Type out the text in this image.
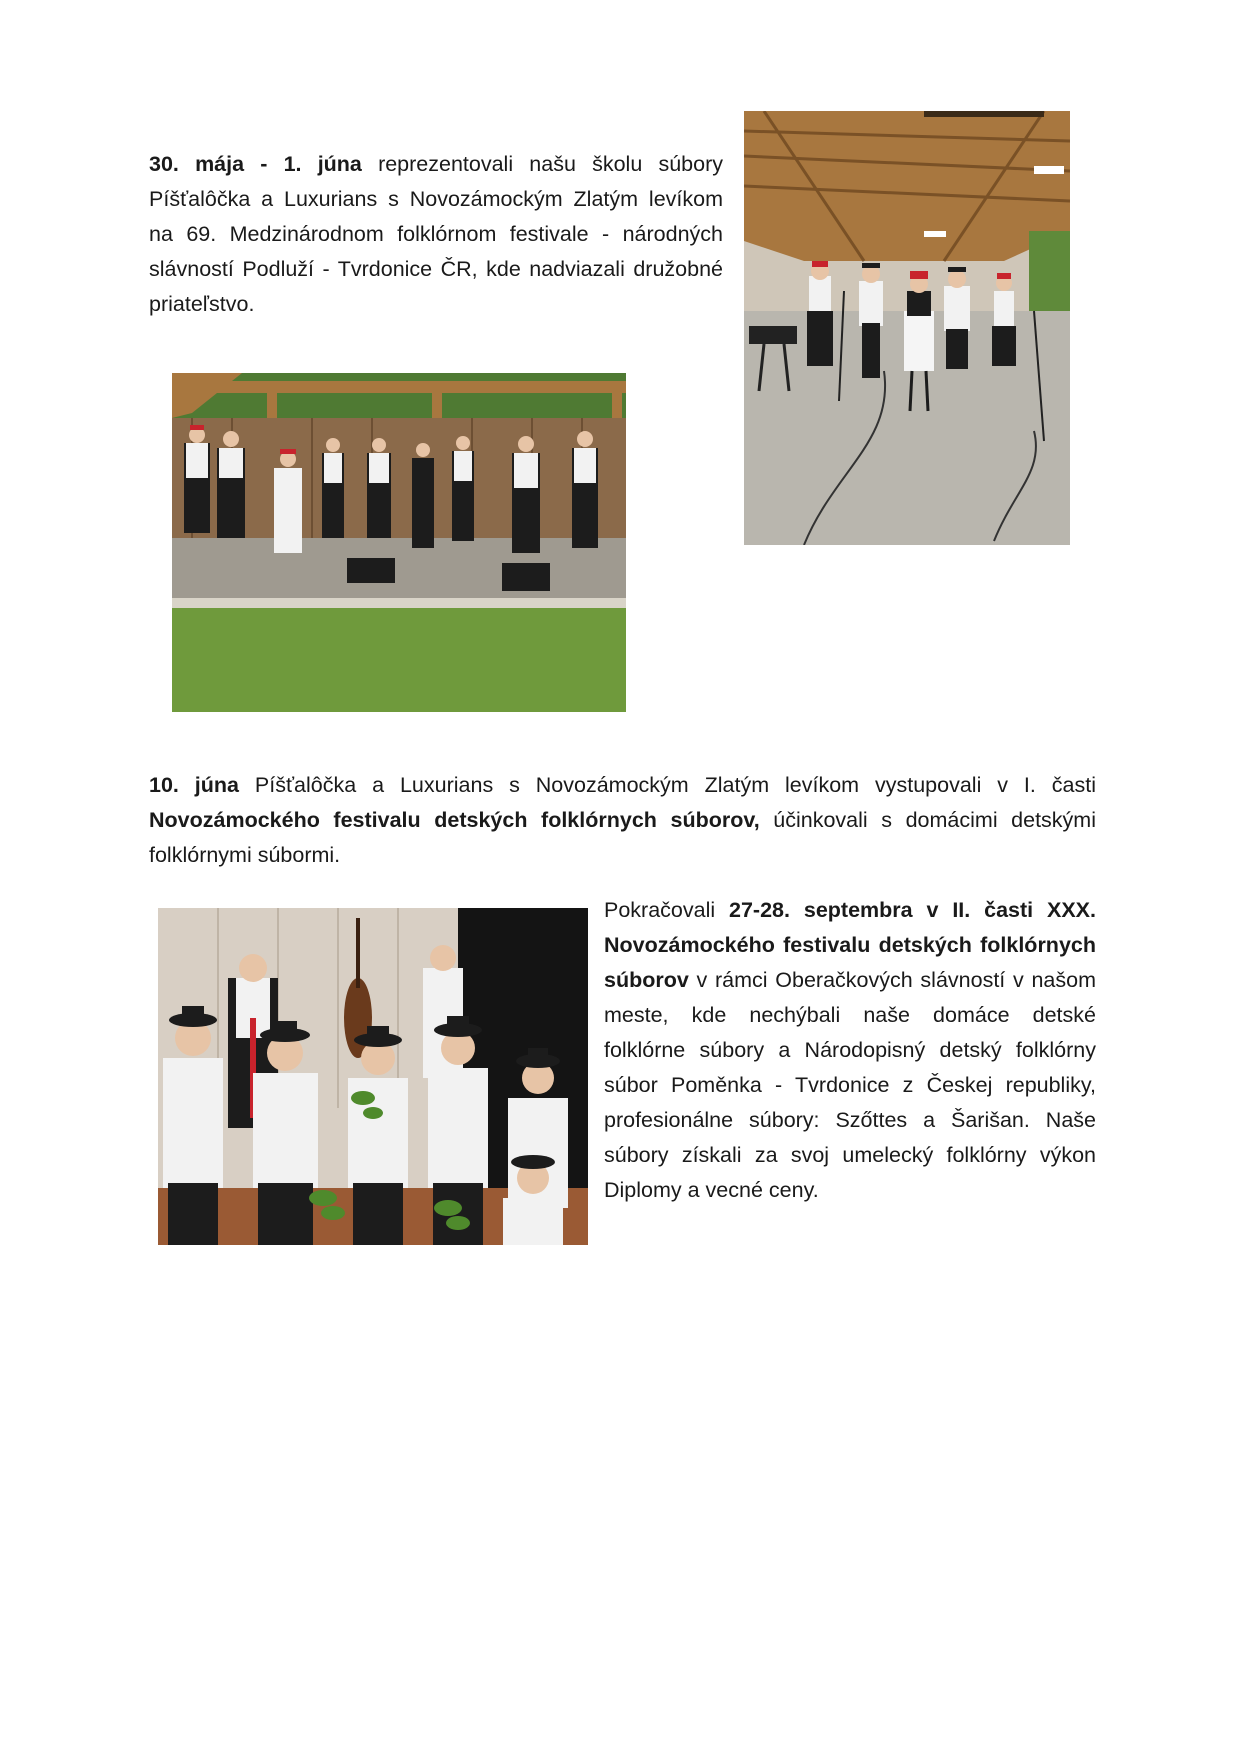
30. mája - 1. júna reprezentovali našu školu súbory Píšťalôčka a Luxurians s Novozámockým Zlatým levíkom na 69. Medzinárodnom folklórnom festivale - národných slávností Podluží - Tvrdonice ČR, kde nadviazali družobné priateľstvo.

10. júna Píšťalôčka a Luxurians s Novozámockým Zlatým levíkom vystupovali v I. časti Novozámockého festivalu detských folklórnych súborov, účinkovali s domácimi detskými folklórnymi súbormi.

Pokračovali 27-28. septembra v II. časti XXX. Novozámockého festivalu detských folklórnych súborov v rámci Oberačkových slávností v našom meste, kde nechýbali naše domáce detské folklórne súbory a Národopisný detský folklórny súbor Poměnka - Tvrdonice z Českej republiky, profesionálne súbory: Szőttes a Šarišan. Naše súbory získali za svoj umelecký folklórny výkon Diplomy a vecné ceny.
